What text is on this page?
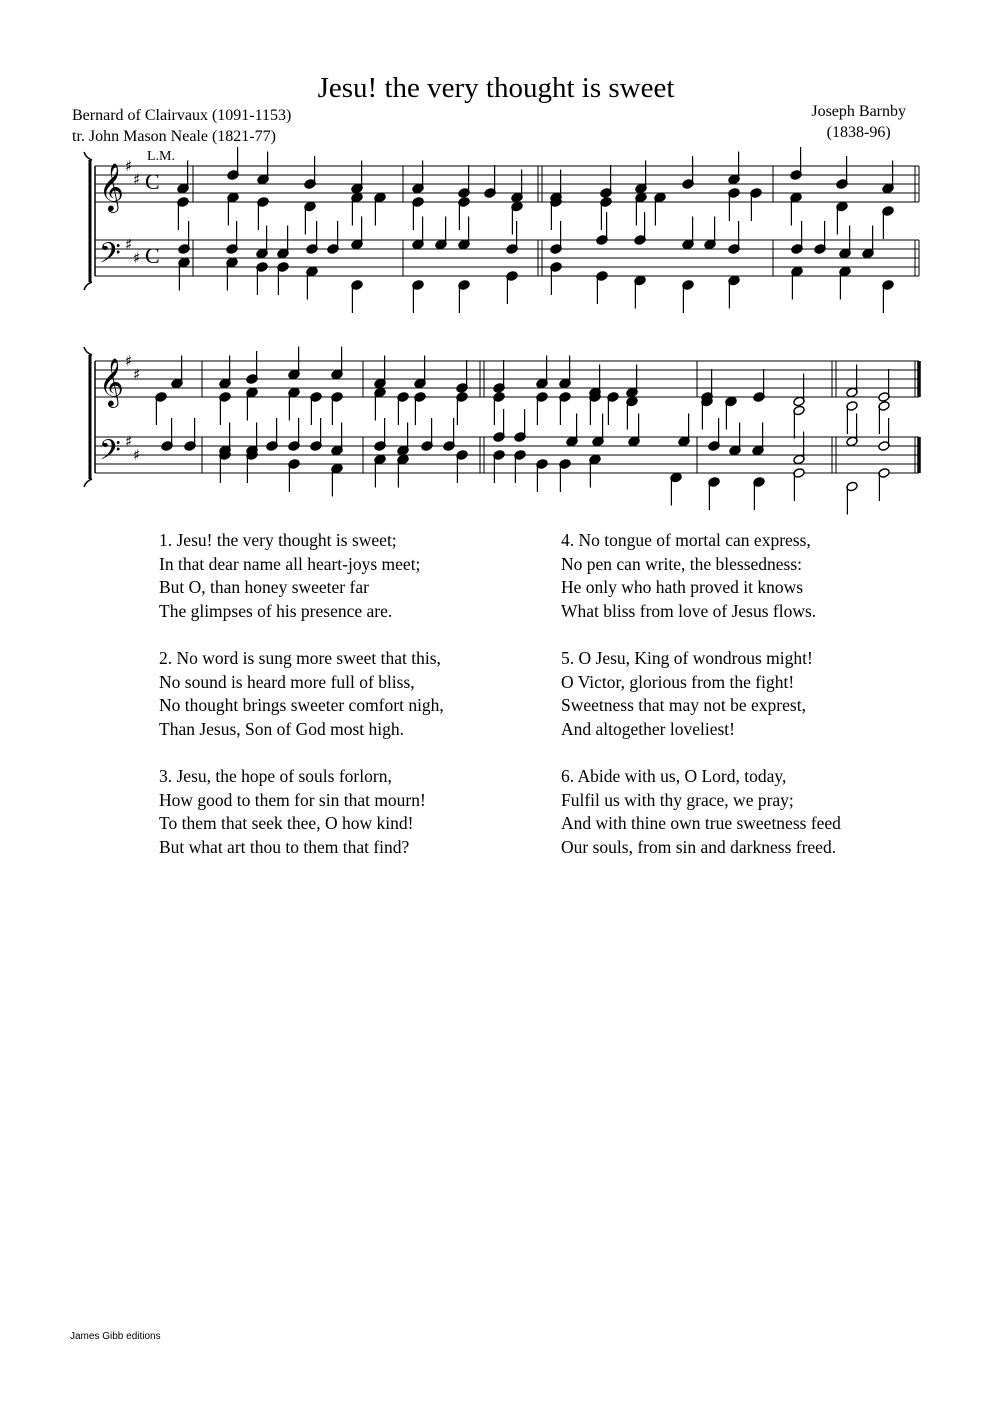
Jesu! the very thought is sweet
Bernard of Clairvaux (1091-1153)
tr. John Mason Neale (1821-77)
Joseph Barnby
(1838-96)
L.M.
𝄞
𝄢
♯
♯
♯
♯
C
C
𝄞
𝄢
♯
♯
♯
♯
1. Jesu! the very thought is sweet;
In that dear name all heart-joys meet;
But O, than honey sweeter far
The glimpses of his presence are.
2. No word is sung more sweet that this,
No sound is heard more full of bliss,
No thought brings sweeter comfort nigh,
Than Jesus, Son of God most high.
3. Jesu, the hope of souls forlorn,
How good to them for sin that mourn!
To them that seek thee, O how kind!
But what art thou to them that find?
4. No tongue of mortal can express,
No pen can write, the blessedness:
He only who hath proved it knows
What bliss from love of Jesus flows.
5. O Jesu, King of wondrous might!
O Victor, glorious from the fight!
Sweetness that may not be exprest,
And altogether loveliest!
6. Abide with us, O Lord, today,
Fulfil us with thy grace, we pray;
And with thine own true sweetness feed
Our souls, from sin and darkness freed.
James Gibb editions
